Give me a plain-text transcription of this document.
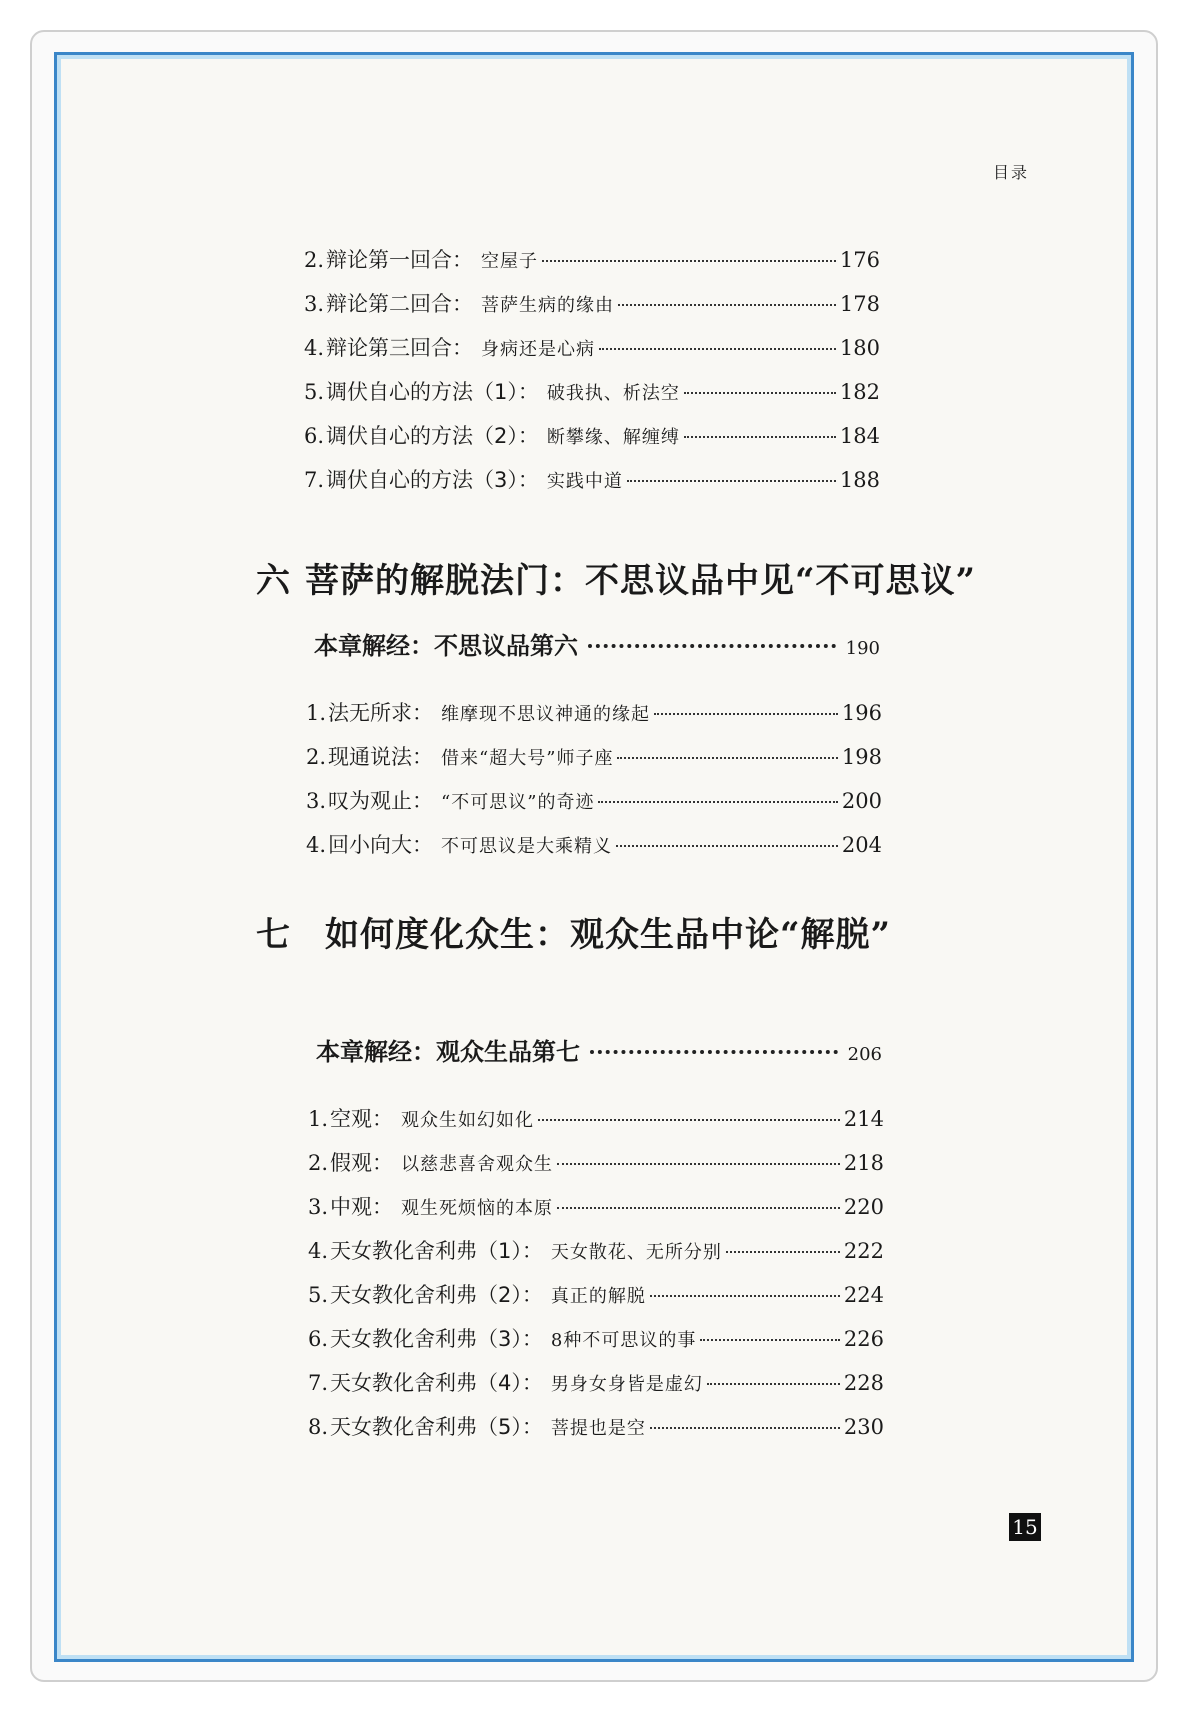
目录
2. 辩论第一回合： 空屋子	176
3. 辩论第二回合： 菩萨生病的缘由	178
4. 辩论第三回合： 身病还是心病	180
5. 调伏自心的方法（1）： 破我执、析法空	182
6. 调伏自心的方法（2）： 断攀缘、解缠缚	184
7. 调伏自心的方法（3）： 实践中道	188
六 菩萨的解脱法门：不思议品中见“不可思议”
本章解经：不思议品第六	190
1. 法无所求： 维摩现不思议神通的缘起	196
2. 现通说法： 借来“超大号”师子座	198
3. 叹为观止： “不可思议”的奇迹	200
4. 回小向大： 不可思议是大乘精义	204
七 如何度化众生：观众生品中论“解脱”
本章解经：观众生品第七	206
1. 空观： 观众生如幻如化	214
2. 假观： 以慈悲喜舍观众生	218
3. 中观： 观生死烦恼的本原	220
4. 天女教化舍利弗（1）： 天女散花、无所分别	222
5. 天女教化舍利弗（2）： 真正的解脱	224
6. 天女教化舍利弗（3）： 8种不可思议的事	226
7. 天女教化舍利弗（4）： 男身女身皆是虚幻	228
8. 天女教化舍利弗（5）： 菩提也是空	230
15
